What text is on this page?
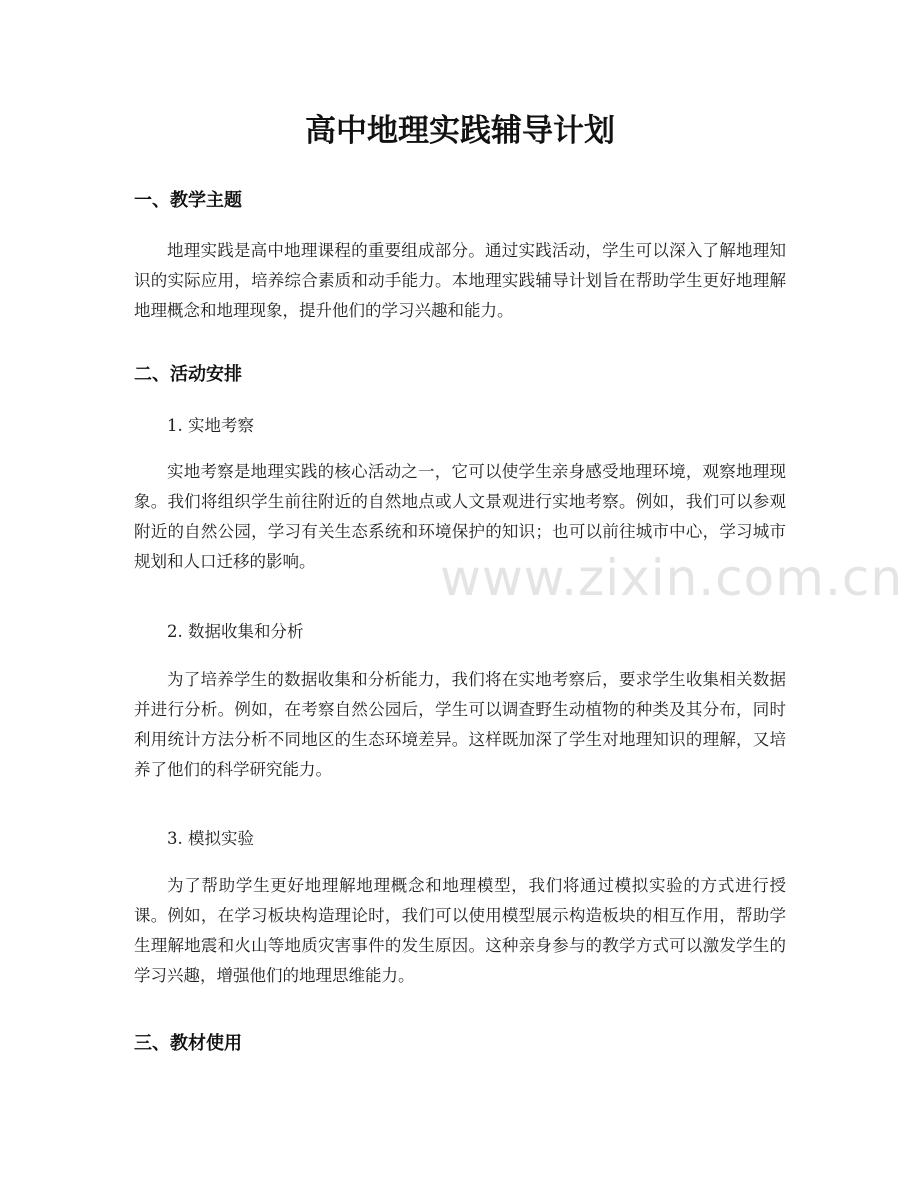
高中地理实践辅导计划
一、教学主题

地理实践是高中地理课程的重要组成部分。通过实践活动，学生可以深入了解地理知识的实际应用，培养综合素质和动手能力。本地理实践辅导计划旨在帮助学生更好地理解地理概念和地理现象，提升他们的学习兴趣和能力。

二、活动安排

1. 实地考察

实地考察是地理实践的核心活动之一，它可以使学生亲身感受地理环境，观察地理现象。我们将组织学生前往附近的自然地点或人文景观进行实地考察。例如，我们可以参观附近的自然公园，学习有关生态系统和环境保护的知识；也可以前往城市中心，学习城市规划和人口迁移的影响。

2. 数据收集和分析

为了培养学生的数据收集和分析能力，我们将在实地考察后，要求学生收集相关数据并进行分析。例如，在考察自然公园后，学生可以调查野生动植物的种类及其分布，同时利用统计方法分析不同地区的生态环境差异。这样既加深了学生对地理知识的理解，又培养了他们的科学研究能力。

3. 模拟实验

为了帮助学生更好地理解地理概念和地理模型，我们将通过模拟实验的方式进行授课。例如，在学习板块构造理论时，我们可以使用模型展示构造板块的相互作用，帮助学生理解地震和火山等地质灾害事件的发生原因。这种亲身参与的教学方式可以激发学生的学习兴趣，增强他们的地理思维能力。

三、教材使用
www.zixin.com.cn
